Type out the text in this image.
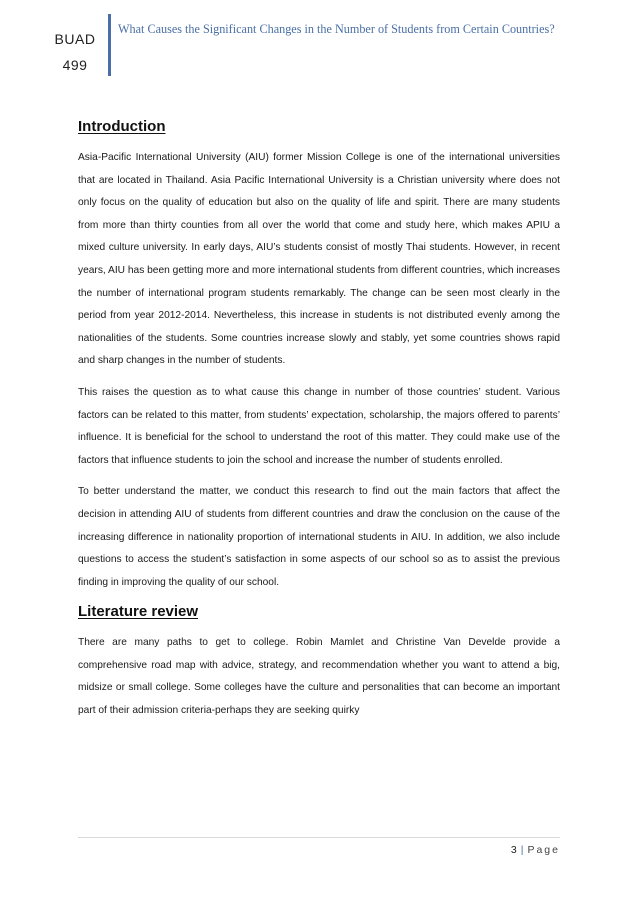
BUAD
499
What Causes the Significant Changes in the Number of Students from Certain Countries?
Introduction

Asia-Pacific International University (AIU) former Mission College is one of the international universities that are located in Thailand. Asia Pacific International University is a Christian university where does not only focus on the quality of education but also on the quality of life and spirit. There are many students from more than thirty counties from all over the world that come and study here, which makes APIU a mixed culture university. In early days, AIU’s students consist of mostly Thai students. However, in recent years, AIU has been getting more and more international students from different countries, which increases the number of international program students remarkably. The change can be seen most clearly in the period from year 2012-2014. Nevertheless, this increase in students is not distributed evenly among the nationalities of the students. Some countries increase slowly and stably, yet some countries shows rapid and sharp changes in the number of students.

This raises the question as to what cause this change in number of those countries’ student. Various factors can be related to this matter, from students’ expectation, scholarship, the majors offered to parents’ influence. It is beneficial for the school to understand the root of this matter. They could make use of the factors that influence students to join the school and increase the number of students enrolled.

To better understand the matter, we conduct this research to find out the main factors that affect the decision in attending AIU of students from different countries and draw the conclusion on the cause of the increasing difference in nationality proportion of international students in AIU. In addition, we also include questions to access the student’s satisfaction in some aspects of our school so as to assist the previous finding in improving the quality of our school.

Literature review

There are many paths to get to college. Robin Mamlet and Christine Van Develde provide a comprehensive road map with advice, strategy, and recommendation whether you want to attend a big, midsize or small college. Some colleges have the culture and personalities that can become an important part of their admission criteria-perhaps they are seeking quirky

3 | Page
